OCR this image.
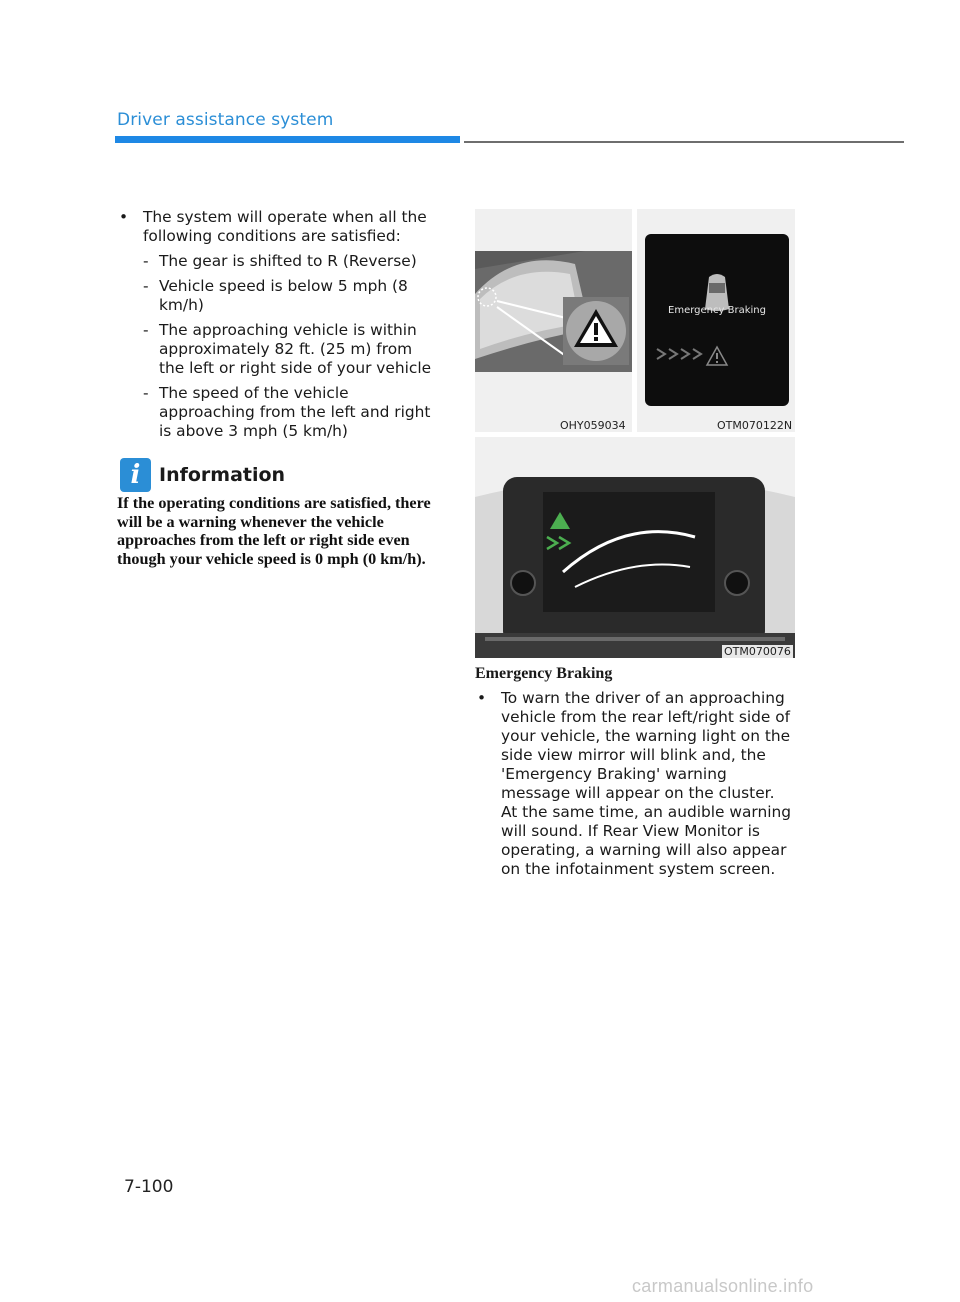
Driver assistance system
• The system will operate when all the following conditions are satisfied:
- The gear is shifted to R (Reverse)
- Vehicle speed is below 5 mph (8 km/h)
- The approaching vehicle is within approximately 82 ft. (25 m) from the left or right side of your vehicle
- The speed of the vehicle approaching from the left and right is above 3 mph (5 km/h)
i Information
If the operating conditions are satisfied, there will be a warning whenever the vehicle approaches from the left or right side even though your vehicle speed is 0 mph (0 km/h).
OHY059034
Emergency Braking
OTM070122N
OTM070076
Emergency Braking
• To warn the driver of an approaching vehicle from the rear left/right side of your vehicle, the warning light on the side view mirror will blink and, the 'Emergency Braking' warning message will appear on the cluster. At the same time, an audible warning will sound. If Rear View Monitor is operating, a warning will also appear on the infotainment system screen.
7-100
carmanualsonline.info
